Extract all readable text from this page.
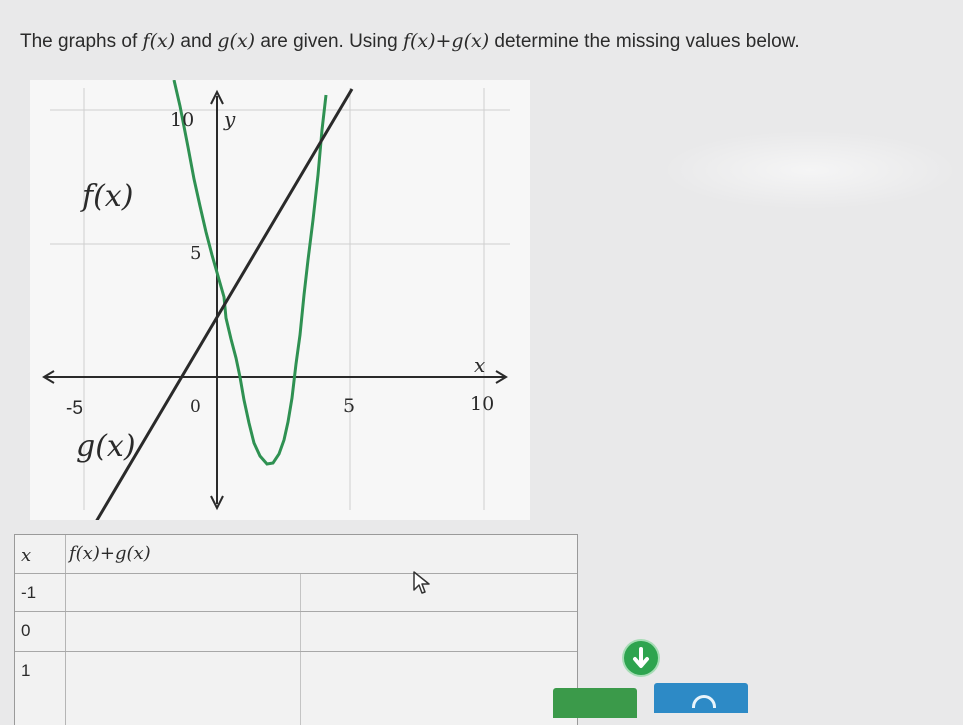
The graphs of f(x) and g(x) are given. Using f(x)+g(x) determine the missing values below.
-5	0	5	10
5
10
x
y
f(x)
g(x)
x f(x)+g(x)
-1
0
1
